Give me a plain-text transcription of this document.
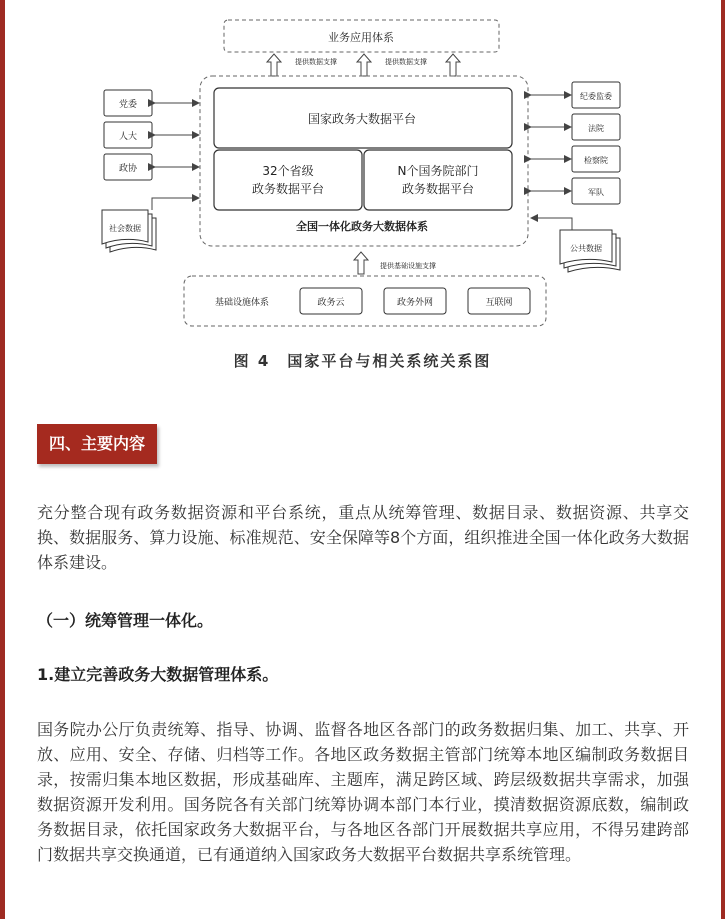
业务应用体系
提供数据支撑	提供数据支撑
国家政务大数据平台
32个省级
政务数据平台
N个国务院部门
政务数据平台
全国一体化政务大数据体系
党委
人大
政协
社会数据
纪委监委
法院
检察院
军队
公共数据
提供基础设施支撑
基础设施体系	政务云	政务外网	互联网
图 4　国家平台与相关系统关系图
四、主要内容
充分整合现有政务数据资源和平台系统，重点从统筹管理、数据目录、数据资源、共享交换、数据服务、算力设施、标准规范、安全保障等8个方面，组织推进全国一体化政务大数据体系建设。
（一）统筹管理一体化。
1.建立完善政务大数据管理体系。
国务院办公厅负责统筹、指导、协调、监督各地区各部门的政务数据归集、加工、共享、开放、应用、安全、存储、归档等工作。各地区政务数据主管部门统筹本地区编制政务数据目录，按需归集本地区数据，形成基础库、主题库，满足跨区域、跨层级数据共享需求，加强数据资源开发利用。国务院各有关部门统筹协调本部门本行业，摸清数据资源底数，编制政务数据目录，依托国家政务大数据平台，与各地区各部门开展数据共享应用，不得另建跨部门数据共享交换通道，已有通道纳入国家政务大数据平台数据共享系统管理。
